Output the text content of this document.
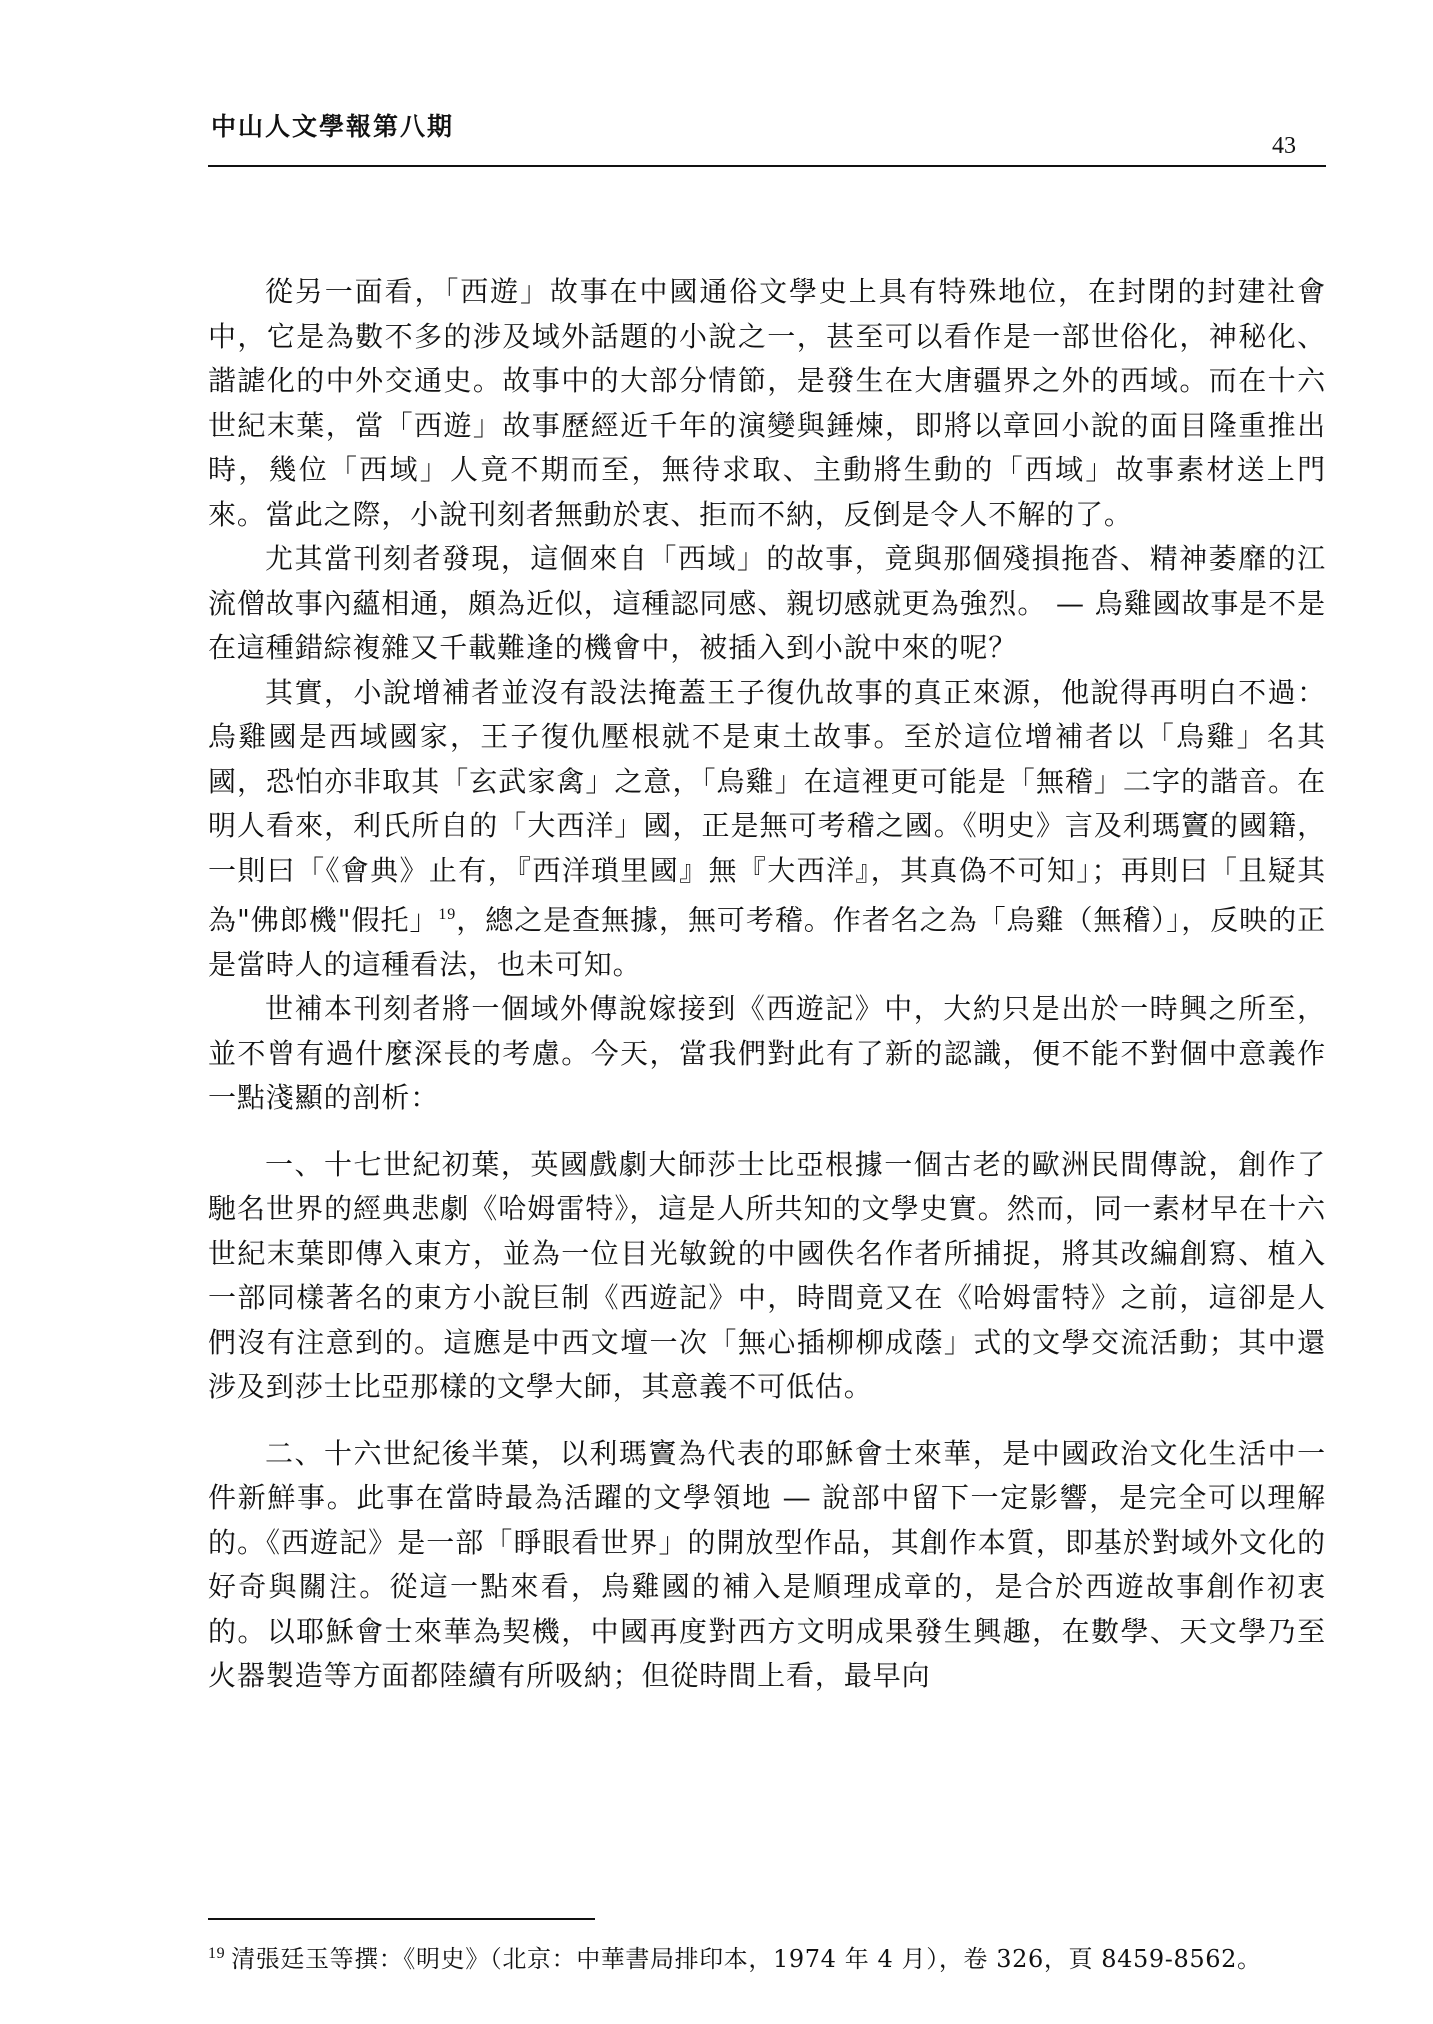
中山人文學報第八期
43

從另一面看，「西遊」故事在中國通俗文學史上具有特殊地位，在封閉的封建社會中，它是為數不多的涉及域外話題的小說之一，甚至可以看作是一部世俗化，神秘化、諧謔化的中外交通史。故事中的大部分情節，是發生在大唐疆界之外的西域。而在十六世紀末葉，當「西遊」故事歷經近千年的演變與錘煉，即將以章回小說的面目隆重推出時，幾位「西域」人竟不期而至，無待求取、主動將生動的「西域」故事素材送上門來。當此之際，小說刊刻者無動於衷、拒而不納，反倒是令人不解的了。

尤其當刊刻者發現，這個來自「西域」的故事，竟與那個殘損拖沓、精神萎靡的江流僧故事內蘊相通，頗為近似，這種認同感、親切感就更為強烈。 — 烏雞國故事是不是在這種錯綜複雜又千載難逢的機會中，被插入到小說中來的呢？

其實，小說增補者並沒有設法掩蓋王子復仇故事的真正來源，他說得再明白不過：烏雞國是西域國家，王子復仇壓根就不是東土故事。至於這位增補者以「烏雞」名其國，恐怕亦非取其「玄武家禽」之意，「烏雞」在這裡更可能是「無稽」二字的諧音。在明人看來，利氏所自的「大西洋」國，正是無可考稽之國。《明史》言及利瑪竇的國籍，一則曰「《會典》止有，『西洋瑣里國』無『大西洋』，其真偽不可知」；再則曰「且疑其為"佛郎機"假托」$^{19}$，總之是查無據，無可考稽。作者名之為「烏雞（無稽）」，反映的正是當時人的這種看法，也未可知。

世補本刊刻者將一個域外傳說嫁接到《西遊記》中，大約只是出於一時興之所至，並不曾有過什麼深長的考慮。今天，當我們對此有了新的認識，便不能不對個中意義作一點淺顯的剖析：

一、十七世紀初葉，英國戲劇大師莎士比亞根據一個古老的歐洲民間傳說，創作了馳名世界的經典悲劇《哈姆雷特》，這是人所共知的文學史實。然而，同一素材早在十六世紀末葉即傳入東方，並為一位目光敏銳的中國佚名作者所捕捉，將其改編創寫、植入一部同樣著名的東方小說巨制《西遊記》中，時間竟又在《哈姆雷特》之前，這卻是人們沒有注意到的。這應是中西文壇一次「無心插柳柳成蔭」式的文學交流活動；其中還涉及到莎士比亞那樣的文學大師，其意義不可低估。

二、十六世紀後半葉，以利瑪竇為代表的耶穌會士來華，是中國政治文化生活中一件新鮮事。此事在當時最為活躍的文學領地 — 說部中留下一定影響，是完全可以理解的。《西遊記》是一部「睜眼看世界」的開放型作品，其創作本質，即基於對域外文化的好奇與關注。從這一點來看，烏雞國的補入是順理成章的，是合於西遊故事創作初衷的。以耶穌會士來華為契機，中國再度對西方文明成果發生興趣，在數學、天文學乃至火器製造等方面都陸續有所吸納；但從時間上看，最早向

$^{19}$ 清張廷玉等撰：《明史》（北京：中華書局排印本，1974 年 4 月），卷 326，頁 8459-8562。
